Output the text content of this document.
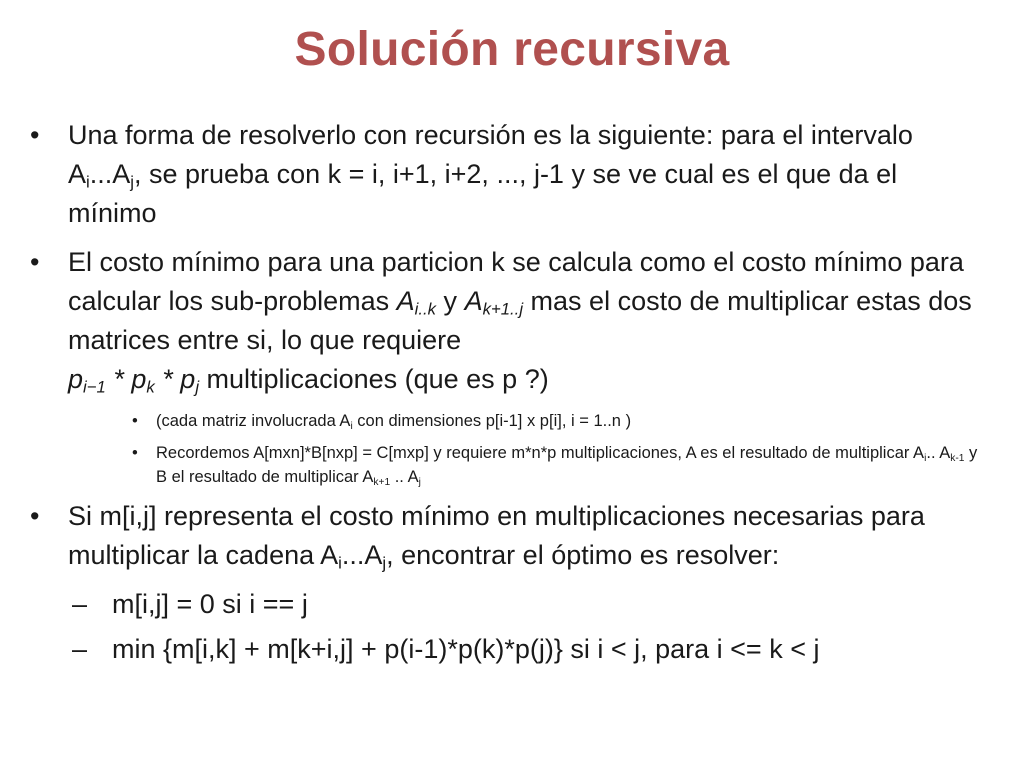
Solución recursiva
• Una forma de resolverlo con recursión es la siguiente: para el intervalo $A_i...A_j$, se prueba con k = i, i+1, i+2, ..., j-1 y se ve cual es el que da el mínimo
• El costo mínimo para una particion k se calcula como el costo mínimo para calcular los sub-problemas $A_{i..k}$ y $A_{k+1..j}$ mas el costo de multiplicar estas dos matrices entre si, lo que requiere
$p_{i-1} * p_k * p_j$ multiplicaciones (que es p ?)
• (cada matriz involucrada $A_i$ con dimensiones p[i-1] x p[i], i = 1..n )
• Recordemos A[mxn]*B[nxp] = C[mxp] y requiere m*n*p multiplicaciones, A es el resultado de multiplicar $A_i$.. $A_{k-1}$ y B el resultado de multiplicar $A_{k+1}$ .. $A_j$
• Si m[i,j] representa el costo mínimo en multiplicaciones necesarias para multiplicar la cadena $A_i...A_j$, encontrar el óptimo es resolver:
– m[i,j] = 0 si i == j
– min {m[i,k] + m[k+i,j] + p(i-1)*p(k)*p(j)} si i < j, para i <= k < j
